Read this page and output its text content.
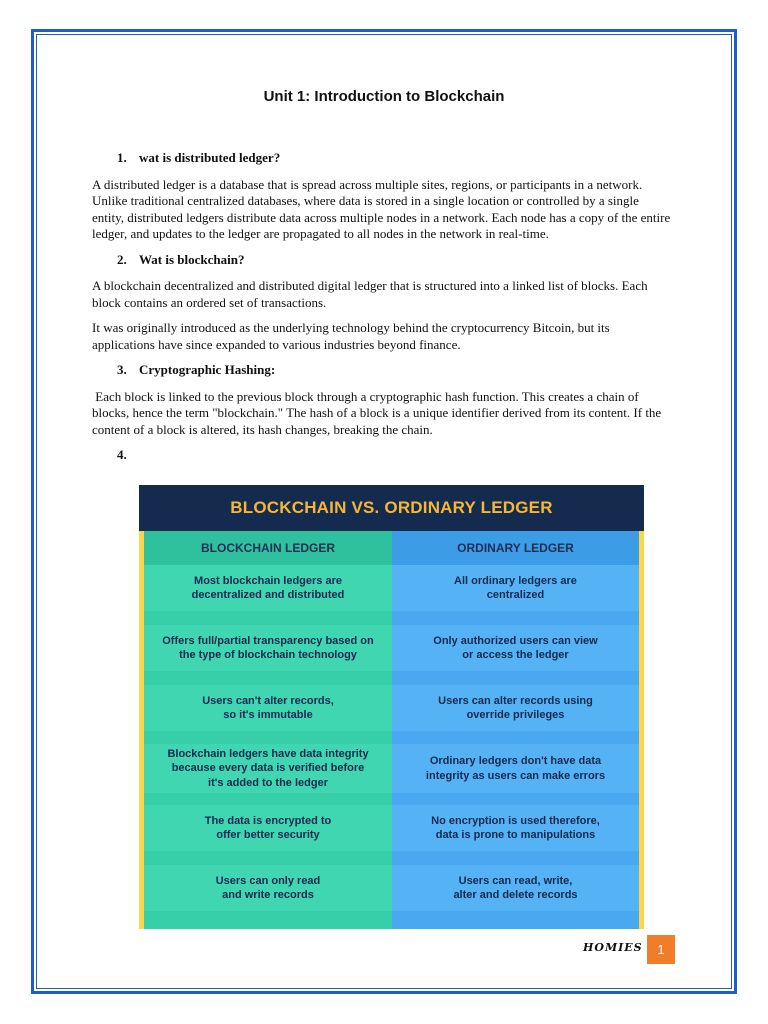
Unit 1: Introduction to Blockchain
1. wat is distributed ledger?

A distributed ledger is a database that is spread across multiple sites, regions, or participants in a network. Unlike traditional centralized databases, where data is stored in a single location or controlled by a single entity, distributed ledgers distribute data across multiple nodes in a network. Each node has a copy of the entire ledger, and updates to the ledger are propagated to all nodes in the network in real-time.

2. Wat is blockchain?

A blockchain decentralized and distributed digital ledger that is structured into a linked list of blocks. Each block contains an ordered set of transactions.

It was originally introduced as the underlying technology behind the cryptocurrency Bitcoin, but its applications have since expanded to various industries beyond finance.

3. Cryptographic Hashing:

Each block is linked to the previous block through a cryptographic hash function. This creates a chain of blocks, hence the term "blockchain." The hash of a block is a unique identifier derived from its content. If the content of a block is altered, its hash changes, breaking the chain.

4.
BLOCKCHAIN VS. ORDINARY LEDGER
BLOCKCHAIN LEDGER
Most blockchain ledgers are
decentralized and distributed
Offers full/partial transparency based on
the type of blockchain technology
Users can't alter records,
so it's immutable
Blockchain ledgers have data integrity
because every data is verified before
it's added to the ledger
The data is encrypted to
offer better security
Users can only read
and write records
ORDINARY LEDGER
All ordinary ledgers are
centralized
Only authorized users can view
or access the ledger
Users can alter records using
override privileges
Ordinary ledgers don't have data
integrity as users can make errors
No encryption is used therefore,
data is prone to manipulations
Users can read, write,
alter and delete records
HOMIES	1
